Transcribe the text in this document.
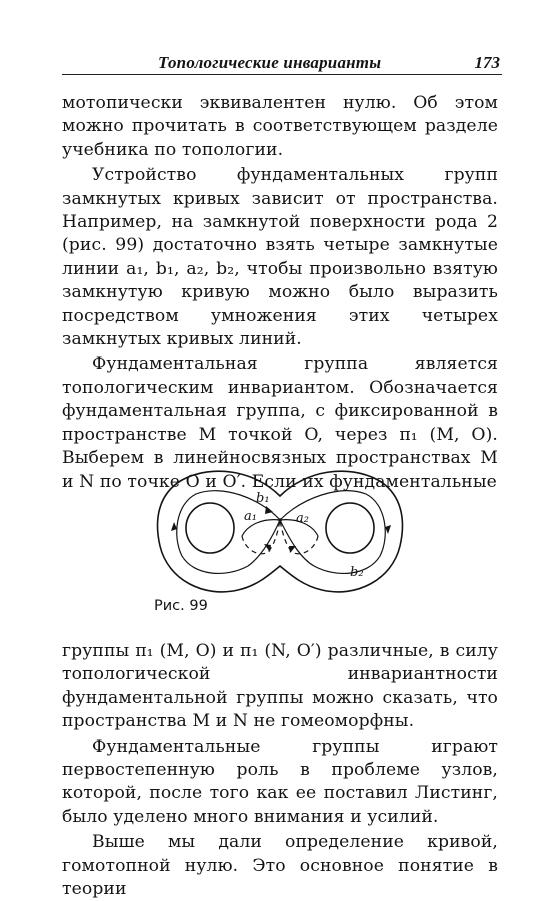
Топологические инварианты	173

мотопически эквивалентен нулю. Об этом можно прочитать в соответствующем разделе учебника по топологии.

Устройство фундаментальных групп замкнутых кривых зависит от пространства. Например, на замкнутой поверхности рода 2 (рис. 99) достаточно взять четыре замкнутые линии a₁, b₁, a₂, b₂, чтобы произвольно взятую замкнутую кривую можно было выразить посредством умножения этих четырех замкнутых кривых линий.

Фундаментальная группа является топологическим инвариантом. Обозначается фундаментальная группа, с фиксированной в пространстве M точкой O, через π₁ (M, O). Выберем в линейносвязных пространствах M и N по точке O и O′. Если их фундаментальные

b₁
a₁	a₂
b₂
Рис. 99

группы π₁ (M, O) и π₁ (N, O′) различные, в силу топологической инвариантности фундаментальной группы можно сказать, что пространства M и N не гомеоморфны.

Фундаментальные группы играют первостепенную роль в проблеме узлов, которой, после того как ее поставил Листинг, было уделено много внимания и усилий.

Выше мы дали определение кривой, гомотопной нулю. Это основное понятие в теории
